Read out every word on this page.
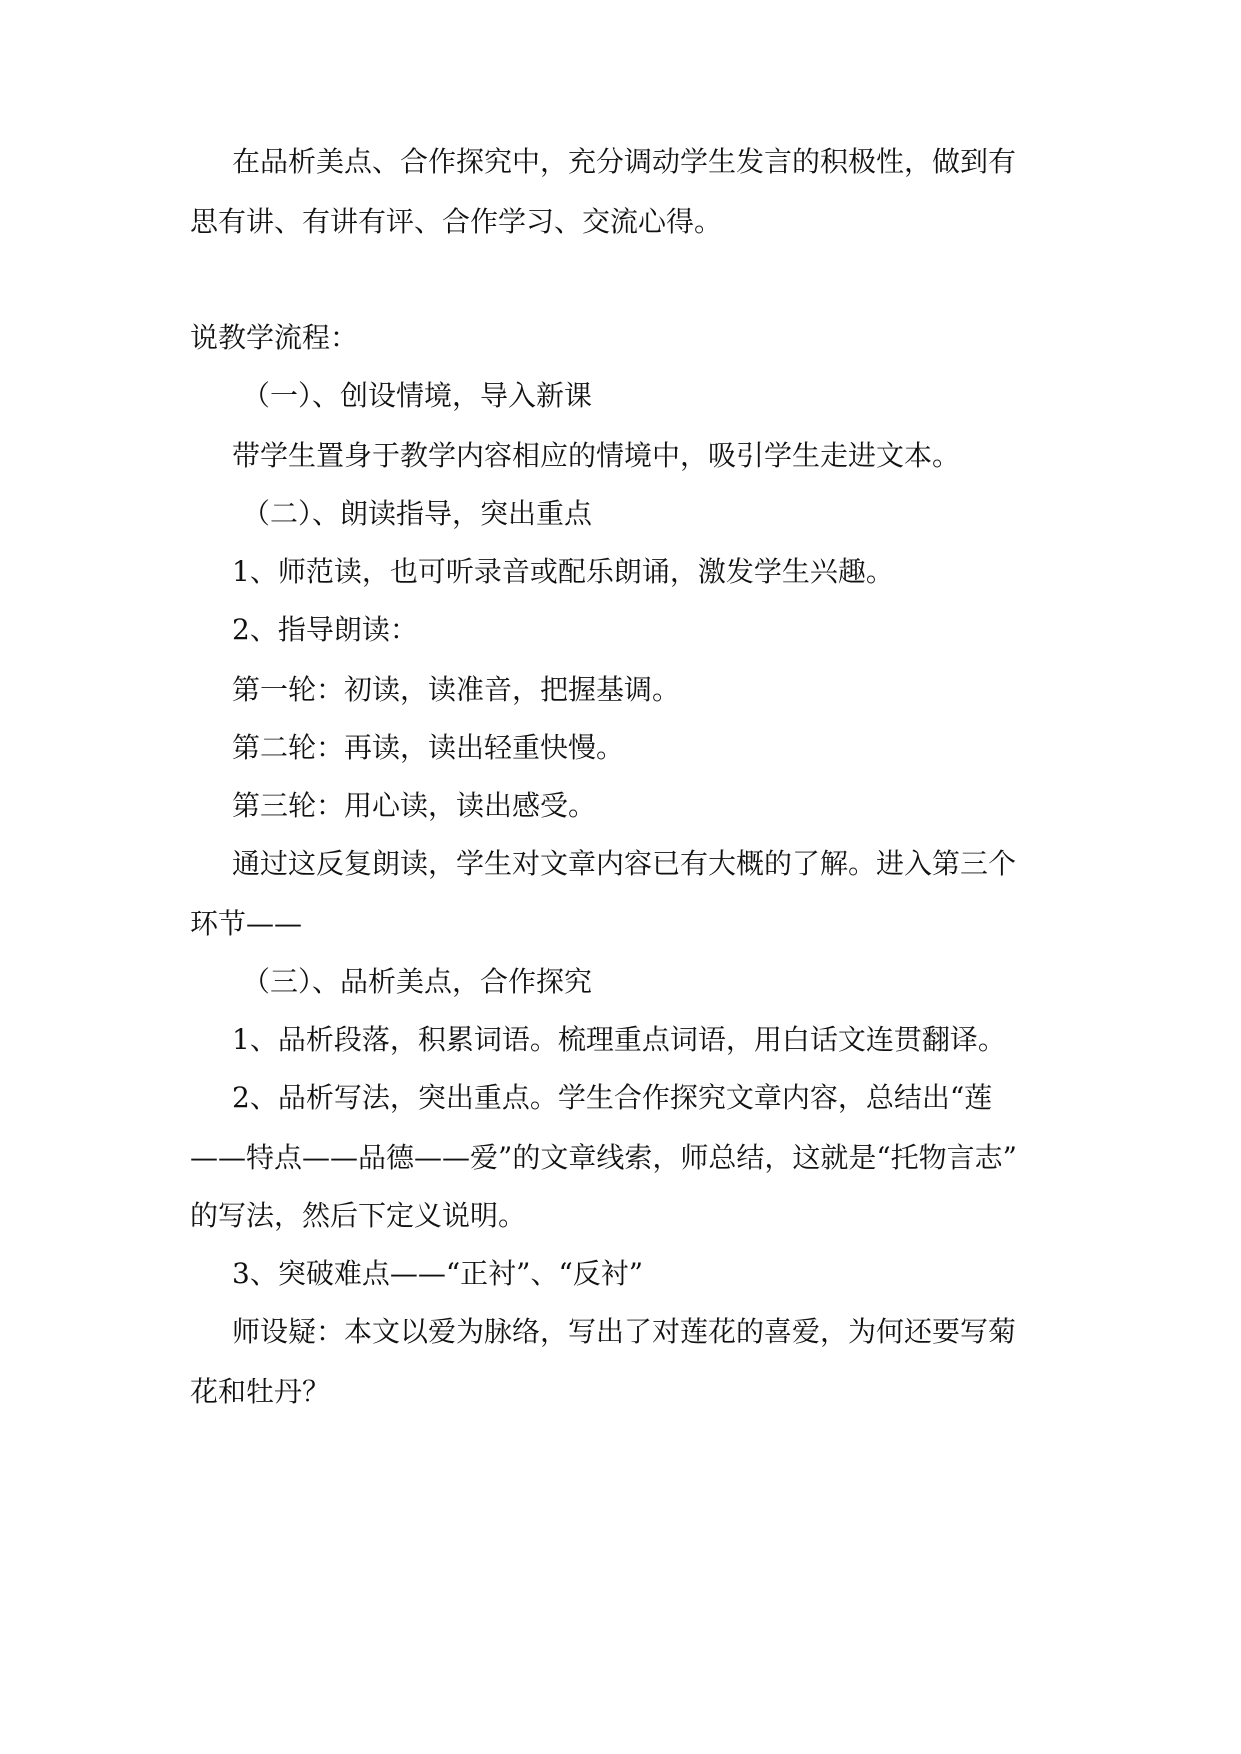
在品析美点、合作探究中，充分调动学生发言的积极性，做到有
思有讲、有讲有评、合作学习、交流心得。
说教学流程：
（一）、创设情境，导入新课
带学生置身于教学内容相应的情境中，吸引学生走进文本。
（二）、朗读指导，突出重点
1、师范读，也可听录音或配乐朗诵，激发学生兴趣。
2、指导朗读：
第一轮：初读，读准音，把握基调。
第二轮：再读，读出轻重快慢。
第三轮：用心读，读出感受。
通过这反复朗读，学生对文章内容已有大概的了解。进入第三个
环节——
（三）、品析美点，合作探究
1、品析段落，积累词语。梳理重点词语，用白话文连贯翻译。
2、品析写法，突出重点。学生合作探究文章内容，总结出“莲
——特点——品德——爱”的文章线索，师总结，这就是“托物言志”
的写法，然后下定义说明。
3、突破难点——“正衬”、“反衬”
师设疑：本文以爱为脉络，写出了对莲花的喜爱，为何还要写菊
花和牡丹？
